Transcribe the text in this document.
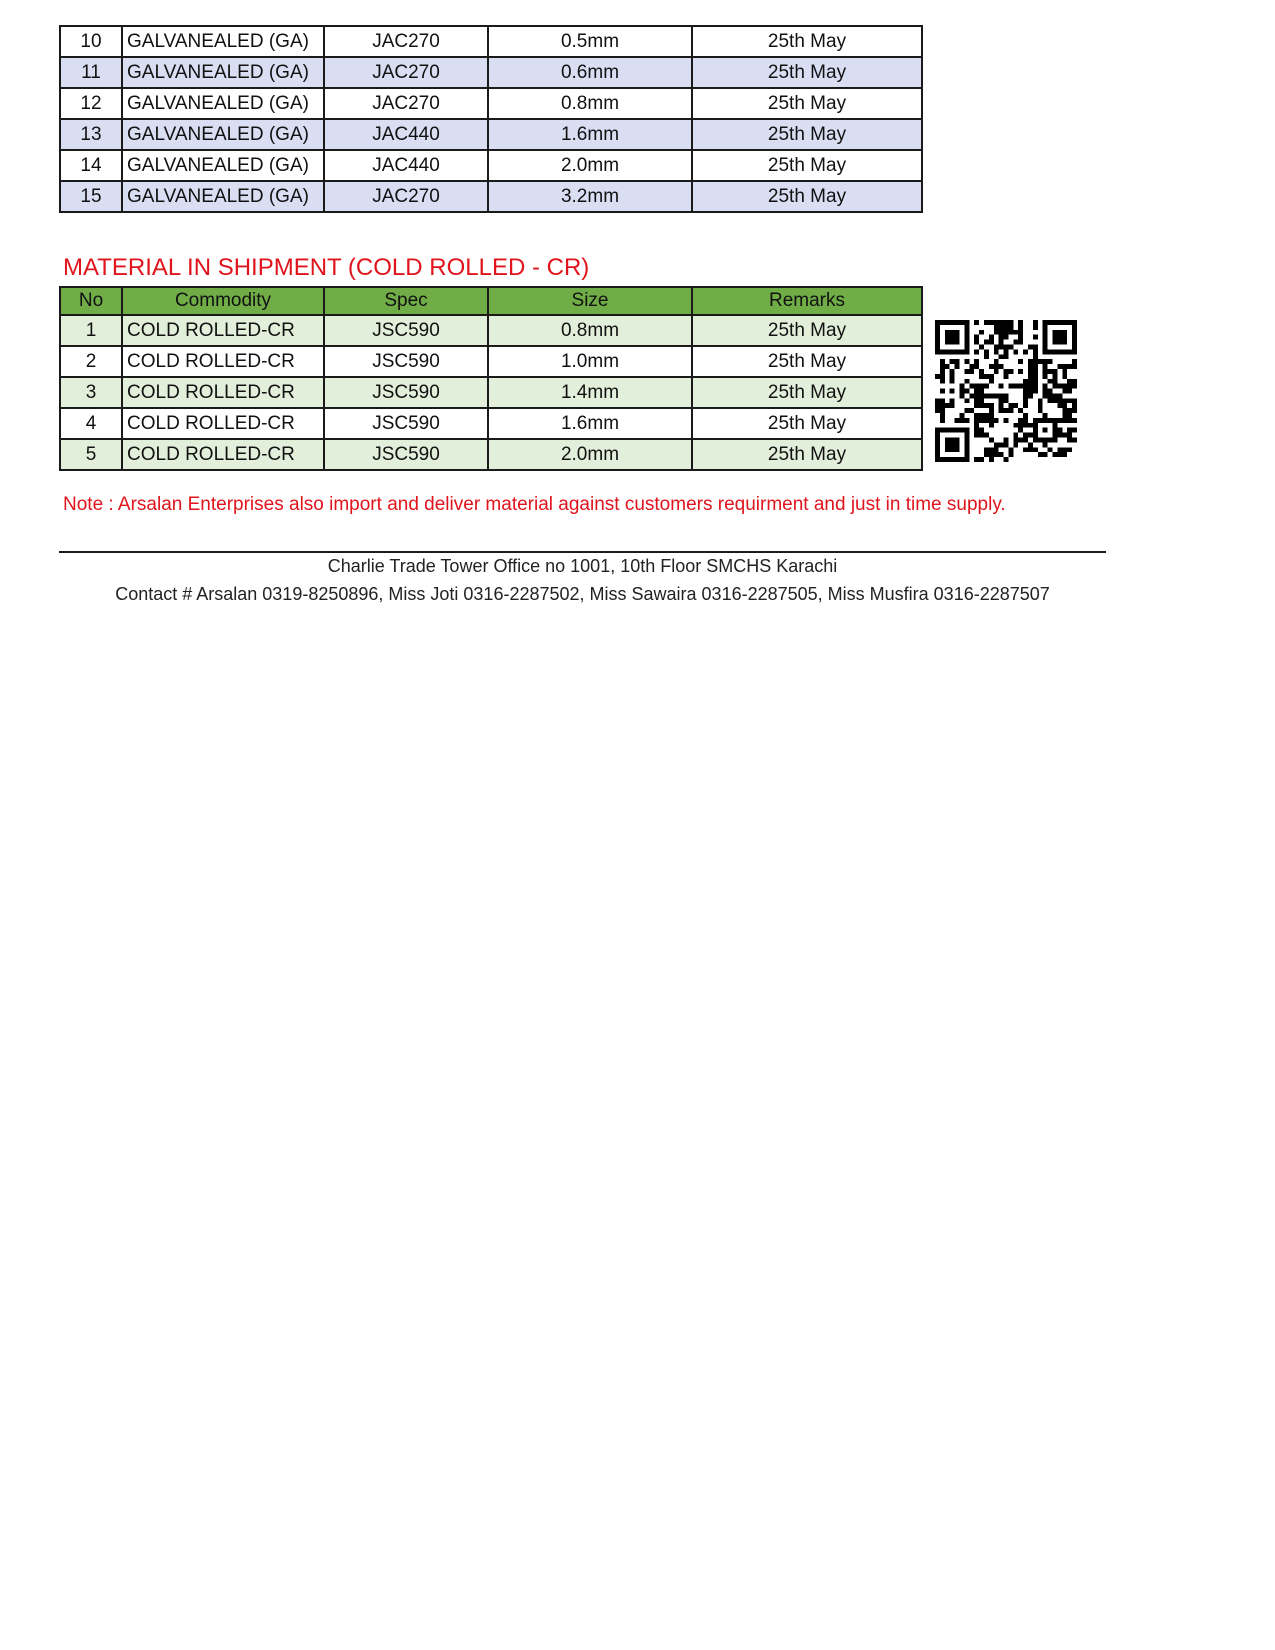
10	GALVANEALED (GA)	JAC270	0.5mm	25th May
11	GALVANEALED (GA)	JAC270	0.6mm	25th May
12	GALVANEALED (GA)	JAC270	0.8mm	25th May
13	GALVANEALED (GA)	JAC440	1.6mm	25th May
14	GALVANEALED (GA)	JAC440	2.0mm	25th May
15	GALVANEALED (GA)	JAC270	3.2mm	25th May
MATERIAL IN SHIPMENT (COLD ROLLED - CR)
No	Commodity	Spec	Size	Remarks
1	COLD ROLLED-CR	JSC590	0.8mm	25th May
2	COLD ROLLED-CR	JSC590	1.0mm	25th May
3	COLD ROLLED-CR	JSC590	1.4mm	25th May
4	COLD ROLLED-CR	JSC590	1.6mm	25th May
5	COLD ROLLED-CR	JSC590	2.0mm	25th May

Note : Arsalan Enterprises also import and deliver material against customers requirment and just in time supply.

Charlie Trade Tower Office no 1001, 10th Floor SMCHS Karachi

Contact # Arsalan 0319-8250896, Miss Joti 0316-2287502, Miss Sawaira 0316-2287505, Miss Musfira 0316-2287507
